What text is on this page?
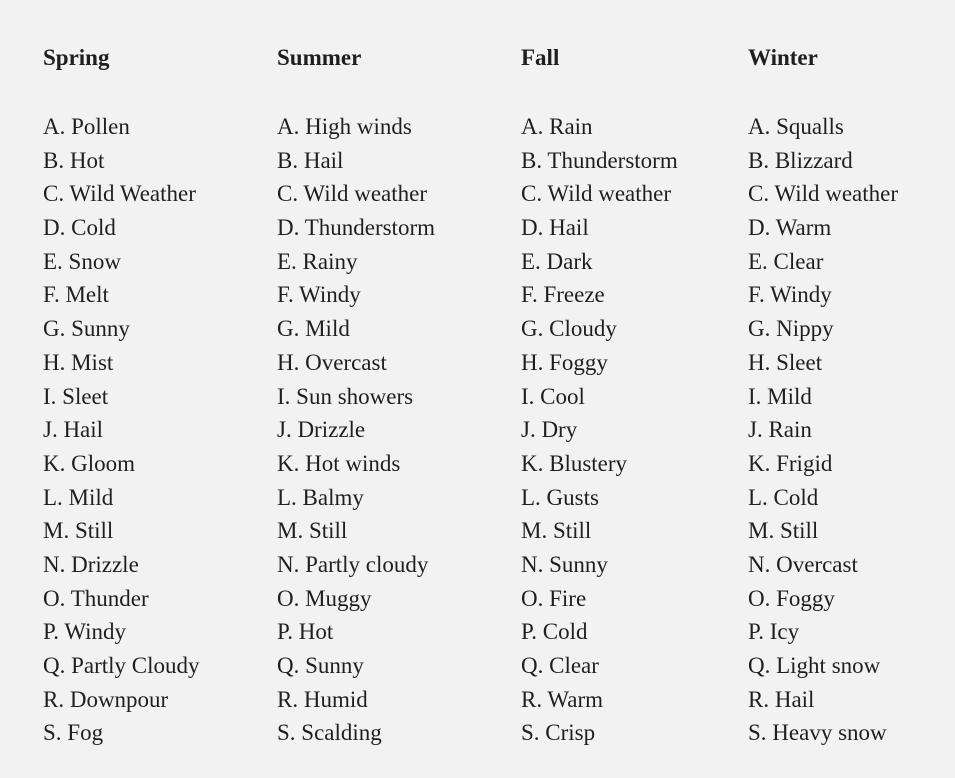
Spring
A. Pollen
B. Hot
C. Wild Weather
D. Cold
E. Snow
F. Melt
G. Sunny
H. Mist
I. Sleet
J. Hail
K. Gloom
L. Mild
M. Still
N. Drizzle
O. Thunder
P. Windy
Q. Partly Cloudy
R. Downpour
S. Fog
Summer
A. High winds
B. Hail
C. Wild weather
D. Thunderstorm
E. Rainy
F. Windy
G. Mild
H. Overcast
I. Sun showers
J. Drizzle
K. Hot winds
L. Balmy
M. Still
N. Partly cloudy
O. Muggy
P. Hot
Q. Sunny
R. Humid
S. Scalding
Fall
A. Rain
B. Thunderstorm
C. Wild weather
D. Hail
E. Dark
F. Freeze
G. Cloudy
H. Foggy
I. Cool
J. Dry
K. Blustery
L. Gusts
M. Still
N. Sunny
O. Fire
P. Cold
Q. Clear
R. Warm
S. Crisp
Winter
A. Squalls
B. Blizzard
C. Wild weather
D. Warm
E. Clear
F. Windy
G. Nippy
H. Sleet
I. Mild
J. Rain
K. Frigid
L. Cold
M. Still
N. Overcast
O. Foggy
P. Icy
Q. Light snow
R. Hail
S. Heavy snow
